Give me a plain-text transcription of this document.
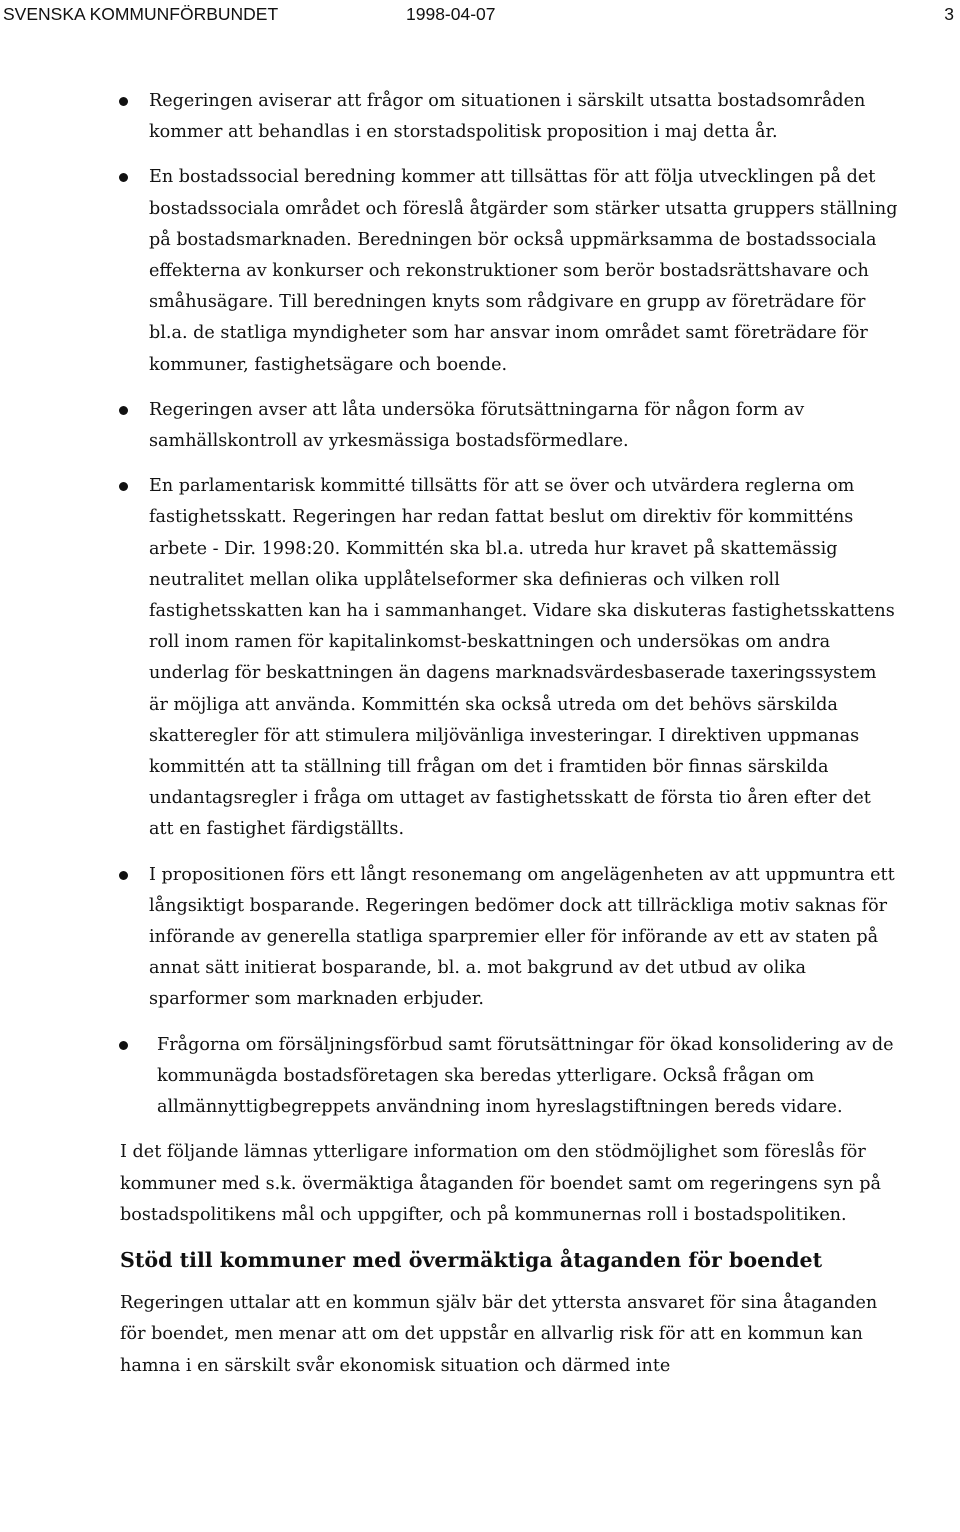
SVENSKA KOMMUNFÖRBUNDET	1998-04-07	3
Regeringen aviserar att frågor om situationen i särskilt utsatta bostadsområden kommer att behandlas i en storstadspolitisk proposition i maj detta år.
En bostadssocial beredning kommer att tillsättas för att följa utvecklingen på det bostadssociala området och föreslå åtgärder som stärker utsatta gruppers ställning på bostadsmarknaden. Beredningen bör också uppmärksamma de bostadssociala effekterna av konkurser och rekonstruktioner som berör bostadsrättshavare och småhusägare. Till beredningen knyts som rådgivare en grupp av företrädare för bl.a. de statliga myndigheter som har ansvar inom området samt företrädare för kommuner, fastighetsägare och boende.
Regeringen avser att låta undersöka förutsättningarna för någon form av samhällskontroll av yrkesmässiga bostadsförmedlare.
En parlamentarisk kommitté tillsätts för att se över och utvärdera reglerna om fastighetsskatt. Regeringen har redan fattat beslut om direktiv för kommitténs arbete - Dir. 1998:20. Kommittén ska bl.a. utreda hur kravet på skattemässig neutralitet mellan olika upplåtelseformer ska definieras och vilken roll fastighetsskatten kan ha i sammanhanget. Vidare ska diskuteras fastighetsskattens roll inom ramen för kapitalinkomst-beskattningen och undersökas om andra underlag för beskattningen än dagens marknadsvärdesbaserade taxeringssystem är möjliga att använda. Kommittén ska också utreda om det behövs särskilda skatteregler för att stimulera miljövänliga investeringar. I direktiven uppmanas kommittén att ta ställning till frågan om det i framtiden bör finnas särskilda undantagsregler i fråga om uttaget av fastighetsskatt de första tio åren efter det att en fastighet färdigställts.
I propositionen förs ett långt resonemang om angelägenheten av att uppmuntra ett långsiktigt bosparande. Regeringen bedömer dock att tillräckliga motiv saknas för införande av generella statliga sparpremier eller för införande av ett av staten på annat sätt initierat bosparande, bl. a. mot bakgrund av det utbud av olika sparformer som marknaden erbjuder.
Frågorna om försäljningsförbud samt förutsättningar för ökad konsolidering av de kommunägda bostadsföretagen ska beredas ytterligare. Också frågan om allmännyttigbegreppets användning inom hyreslagstiftningen bereds vidare.

I det följande lämnas ytterligare information om den stödmöjlighet som föreslås för kommuner med s.k. övermäktiga åtaganden för boendet samt om regeringens syn på bostadspolitikens mål och uppgifter, och på kommunernas roll i bostadspolitiken.

Stöd till kommuner med övermäktiga åtaganden för boendet

Regeringen uttalar att en kommun själv bär det yttersta ansvaret för sina åtaganden för boendet, men menar att om det uppstår en allvarlig risk för att en kommun kan hamna i en särskilt svår ekonomisk situation och därmed inte
